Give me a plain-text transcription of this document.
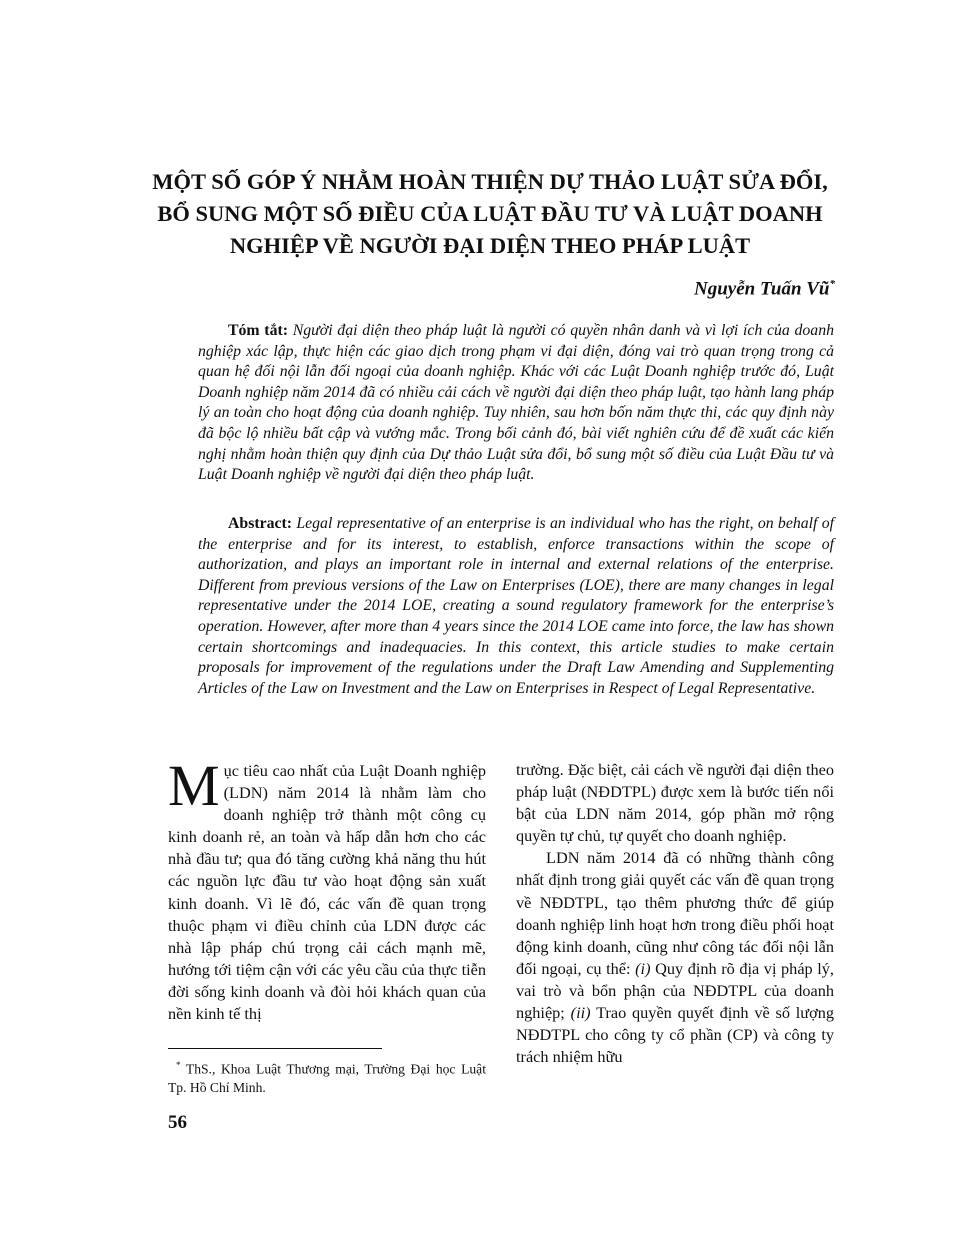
MỘT SỐ GÓP Ý NHẰM HOÀN THIỆN DỰ THẢO LUẬT SỬA ĐỔI, BỔ SUNG MỘT SỐ ĐIỀU CỦA LUẬT ĐẦU TƯ VÀ LUẬT DOANH NGHIỆP VỀ NGƯỜI ĐẠI DIỆN THEO PHÁP LUẬT
Nguyễn Tuấn Vũ*

Tóm tắt: Người đại diện theo pháp luật là người có quyền nhân danh và vì lợi ích của doanh nghiệp xác lập, thực hiện các giao dịch trong phạm vi đại diện, đóng vai trò quan trọng trong cả quan hệ đối nội lẫn đối ngoại của doanh nghiệp. Khác với các Luật Doanh nghiệp trước đó, Luật Doanh nghiệp năm 2014 đã có nhiều cải cách về người đại diện theo pháp luật, tạo hành lang pháp lý an toàn cho hoạt động của doanh nghiệp. Tuy nhiên, sau hơn bốn năm thực thi, các quy định này đã bộc lộ nhiều bất cập và vướng mắc. Trong bối cảnh đó, bài viết nghiên cứu để đề xuất các kiến nghị nhằm hoàn thiện quy định của Dự thảo Luật sửa đổi, bổ sung một số điều của Luật Đầu tư và Luật Doanh nghiệp về người đại diện theo pháp luật.

Abstract: Legal representative of an enterprise is an individual who has the right, on behalf of the enterprise and for its interest, to establish, enforce transactions within the scope of authorization, and plays an important role in internal and external relations of the enterprise. Different from previous versions of the Law on Enterprises (LOE), there are many changes in legal representative under the 2014 LOE, creating a sound regulatory framework for the enterprise’s operation. However, after more than 4 years since the 2014 LOE came into force, the law has shown certain shortcomings and inadequacies. In this context, this article studies to make certain proposals for improvement of the regulations under the Draft Law Amending and Supplementing Articles of the Law on Investment and the Law on Enterprises in Respect of Legal Representative.

Mục tiêu cao nhất của Luật Doanh nghiệp (LDN) năm 2014 là nhằm làm cho doanh nghiệp trở thành một công cụ kinh doanh rẻ, an toàn và hấp dẫn hơn cho các nhà đầu tư; qua đó tăng cường khả năng thu hút các nguồn lực đầu tư vào hoạt động sản xuất kinh doanh. Vì lẽ đó, các vấn đề quan trọng thuộc phạm vi điều chỉnh của LDN được các nhà lập pháp chú trọng cải cách mạnh mẽ, hướng tới tiệm cận với các yêu cầu của thực tiễn đời sống kinh doanh và đòi hỏi khách quan của nền kinh tế thị

trường. Đặc biệt, cải cách về người đại diện theo pháp luật (NĐDTPL) được xem là bước tiến nổi bật của LDN năm 2014, góp phần mở rộng quyền tự chủ, tự quyết cho doanh nghiệp.

LDN năm 2014 đã có những thành công nhất định trong giải quyết các vấn đề quan trọng về NĐDTPL, tạo thêm phương thức để giúp doanh nghiệp linh hoạt hơn trong điều phối hoạt động kinh doanh, cũng như công tác đối nội lẫn đối ngoại, cụ thể: (i) Quy định rõ địa vị pháp lý, vai trò và bổn phận của NĐDTPL của doanh nghiệp; (ii) Trao quyền quyết định về số lượng NĐDTPL cho công ty cổ phần (CP) và công ty trách nhiệm hữu

* ThS., Khoa Luật Thương mại, Trường Đại học Luật Tp. Hồ Chí Minh.

56
